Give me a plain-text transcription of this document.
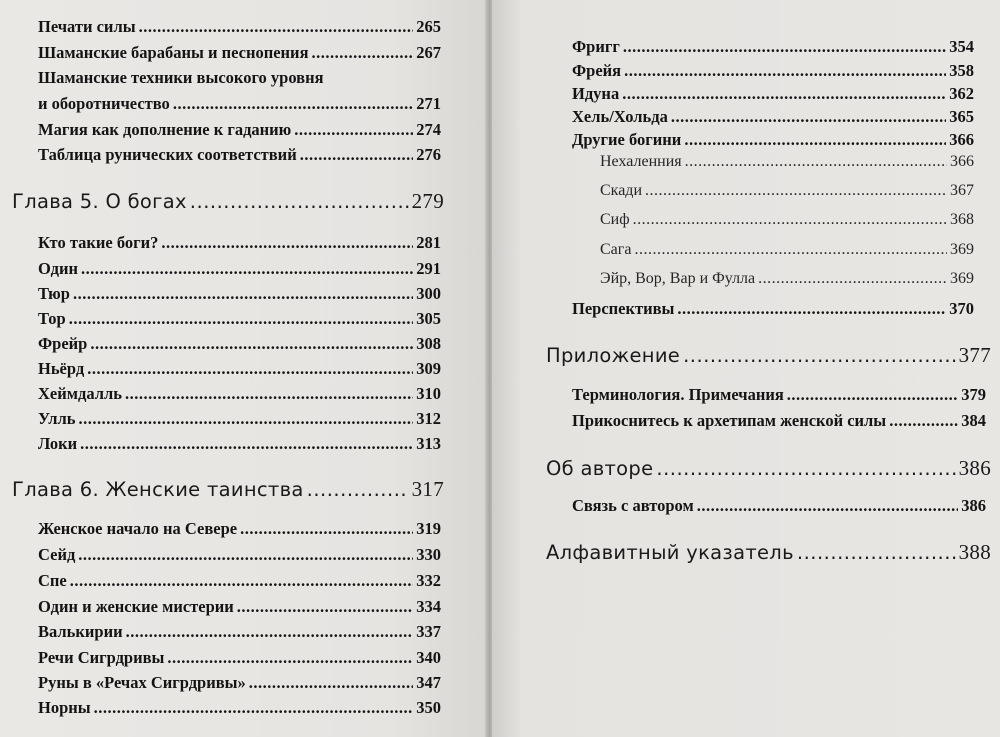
Печати силы .....	265
Шаманские барабаны и песнопения .....	267
Шаманские техники высокого уровня
и оборотничество .....	271
Магия как дополнение к гаданию .....	274
Таблица рунических соответствий .....	276
Глава 5. О богах .....	279
Кто такие боги? .....	281
Один .....	291
Тюр .....	300
Тор .....	305
Фрейр .....	308
Ньёрд .....	309
Хеймдалль .....	310
Улль .....	312
Локи .....	313
Глава 6. Женские таинства .....	317
Женское начало на Севере .....	319
Сейд .....	330
Спе .....	332
Один и женские мистерии .....	334
Валькирии .....	337
Речи Сигрдривы .....	340
Руны в «Речах Сигрдривы» .....	347
Норны .....	350
Фригг .....	354
Фрейя .....	358
Идуна .....	362
Хель/Хольда .....	365
Другие богини .....	366
Нехаленния .....	366
Скади .....	367
Сиф .....	368
Сага .....	369
Эйр, Вор, Вар и Фулла .....	369
Перспективы .....	370
Приложение .....	377
Терминология. Примечания .....	379
Прикоснитесь к архетипам женской силы .....	384
Об авторе .....	386
Связь с автором .....	386
Алфавитный указатель .....	388
